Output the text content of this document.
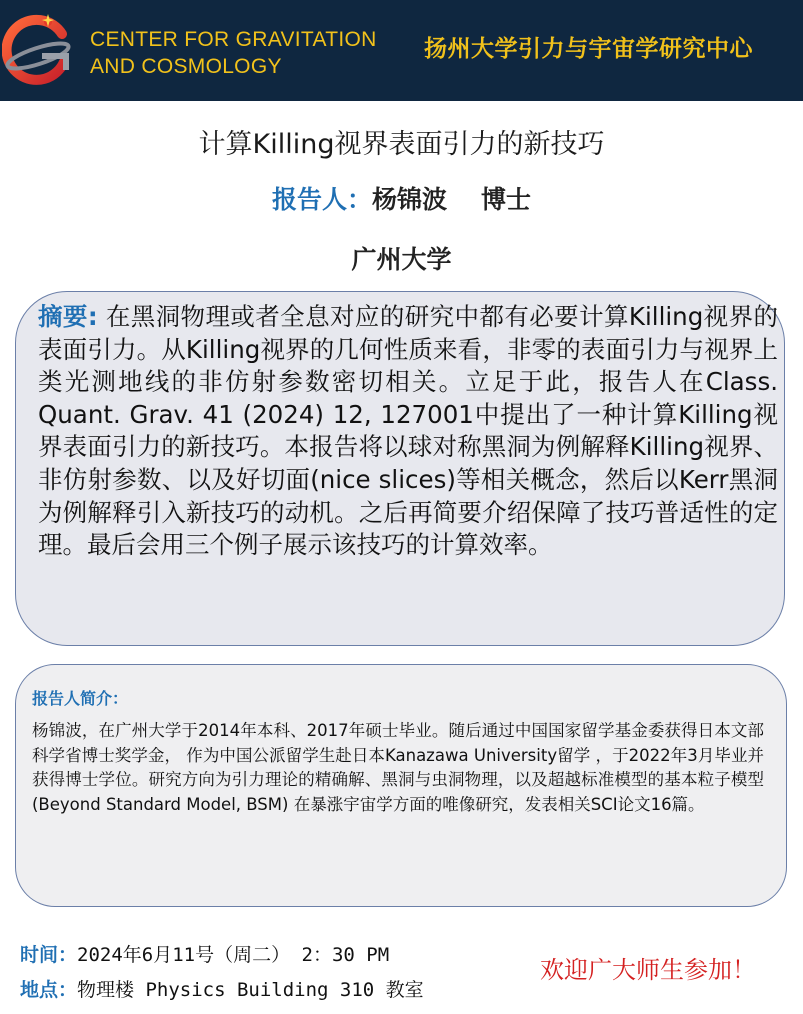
CENTER FOR GRAVITATION
AND COSMOLOGY
扬州大学引力与宇宙学研究中心
计算Killing视界表面引力的新技巧
报告人：杨锦波 博士
广州大学
摘要: 在黑洞物理或者全息对应的研究中都有必要计算Killing视界的表面引力。从Killing视界的几何性质来看，非零的表面引力与视界上类光测地线的非仿射参数密切相关。立足于此，报告人在Class. Quant. Grav. 41 (2024) 12, 127001中提出了一种计算Killing视界表面引力的新技巧。本报告将以球对称黑洞为例解释Killing视界、非仿射参数、以及好切面(nice slices)等相关概念，然后以Kerr黑洞为例解释引入新技巧的动机。之后再简要介绍保障了技巧普适性的定理。最后会用三个例子展示该技巧的计算效率。
报告人简介：
杨锦波，在广州大学于2014年本科、2017年硕士毕业。随后通过中国国家留学基金委获得日本文部科学省博士奖学金， 作为中国公派留学生赴日本Kanazawa University留学 ，于2022年3月毕业并获得博士学位。研究方向为引力理论的精确解、黑洞与虫洞物理，以及超越标准模型的基本粒子模型 (Beyond Standard Model, BSM) 在暴涨宇宙学方面的唯像研究，发表相关SCI论文16篇。
时间：2024年6月11号（周二） 2：30 PM
地点：物理楼 Physics Building 310 教室
欢迎广大师生参加！
